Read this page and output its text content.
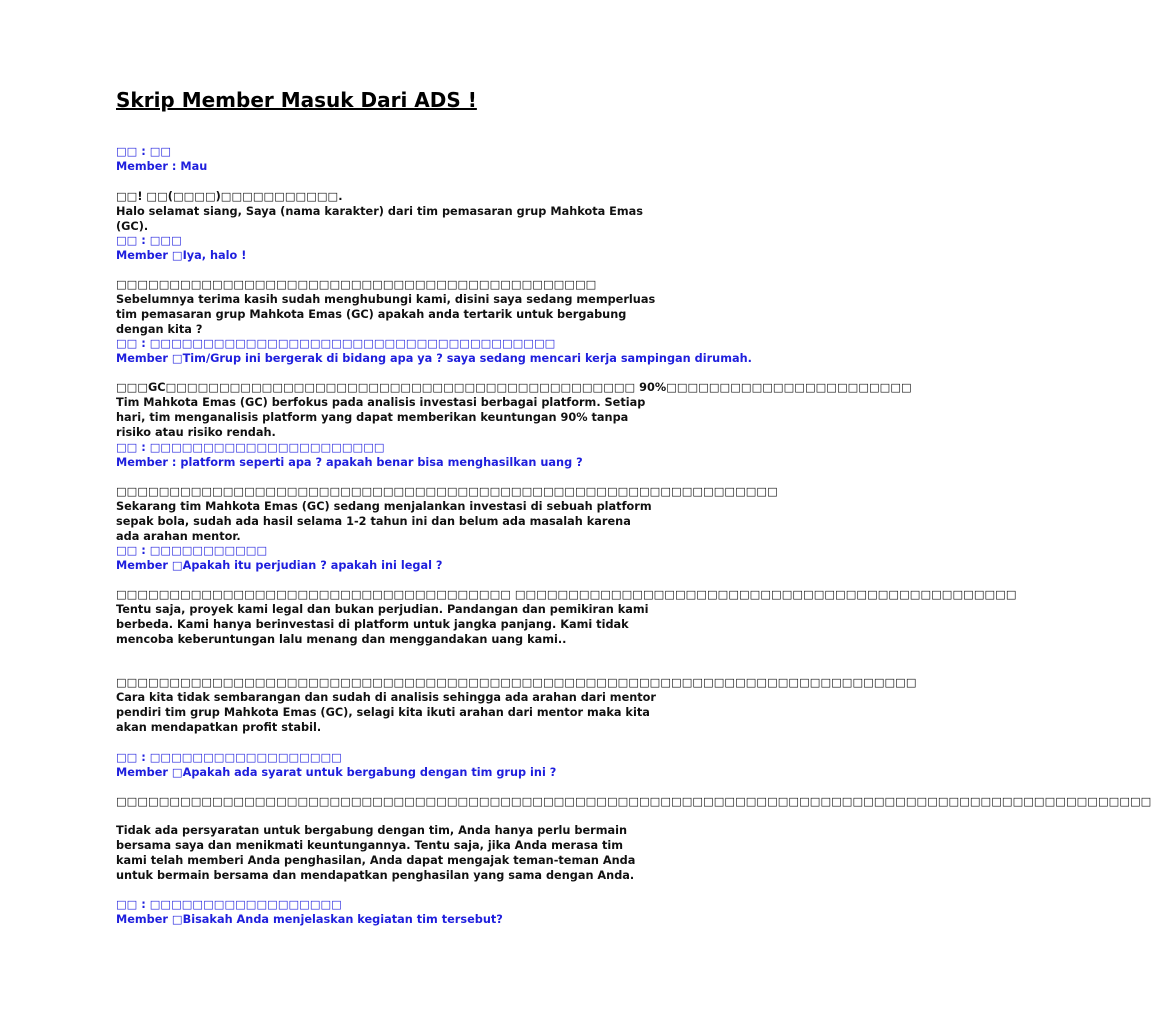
Skrip Member Masuk Dari ADS !

□□ : □□

Member : Mau

□□! □□(□□□□)□□□□□□□□□□□.

Halo selamat siang, Saya (nama karakter) dari tim pemasaran grup Mahkota Emas (GC).

□□ : □□□

Member □Iya, halo !

□□□□□□□□□□□□□□□□□□□□□□□□□□□□□□□□□□□□□□□□□□□□□

Sebelumnya terima kasih sudah menghubungi kami, disini saya sedang memperluas tim pemasaran grup Mahkota Emas (GC) apakah anda tertarik untuk bergabung dengan kita ?

□□ : □□□□□□□□□□□□□□□□□□□□□□□□□□□□□□□□□□□□□□

Member □Tim/Grup ini bergerak di bidang apa ya ? saya sedang mencari kerja sampingan dirumah.

□□□GC□□□□□□□□□□□□□□□□□□□□□□□□□□□□□□□□□□□□□□□□□□□□ 90%□□□□□□□□□□□□□□□□□□□□□□□

Tim Mahkota Emas (GC) berfokus pada analisis investasi berbagai platform. Setiap hari, tim menganalisis platform yang dapat memberikan keuntungan 90% tanpa risiko atau risiko rendah.

□□ : □□□□□□□□□□□□□□□□□□□□□□

Member : platform seperti apa ? apakah benar bisa menghasilkan uang ?

□□□□□□□□□□□□□□□□□□□□□□□□□□□□□□□□□□□□□□□□□□□□□□□□□□□□□□□□□□□□□□

Sekarang tim Mahkota Emas (GC) sedang menjalankan investasi di sebuah platform sepak bola, sudah ada hasil selama 1-2 tahun ini dan belum ada masalah karena ada arahan mentor.

□□ : □□□□□□□□□□□

Member □Apakah itu perjudian ? apakah ini legal ?

□□□□□□□□□□□□□□□□□□□□□□□□□□□□□□□□□□□□□ □□□□□□□□□□□□□□□□□□□□□□□□□□□□□□□□□□□□□□□□□□□□□□□

Tentu saja, proyek kami legal dan bukan perjudian. Pandangan dan pemikiran kami berbeda. Kami hanya berinvestasi di platform untuk jangka panjang. Kami tidak mencoba keberuntungan lalu menang dan menggandakan uang kami..

□□□□□□□□□□□□□□□□□□□□□□□□□□□□□□□□□□□□□□□□□□□□□□□□□□□□□□□□□□□□□□□□□□□□□□□□□□□

Cara kita tidak sembarangan dan sudah di analisis sehingga ada arahan dari mentor pendiri tim grup Mahkota Emas (GC), selagi kita ikuti arahan dari mentor maka kita akan mendapatkan profit stabil.

□□ : □□□□□□□□□□□□□□□□□□

Member □Apakah ada syarat untuk bergabung dengan tim grup ini ?

□□□□□□□□□□□□□□□□□□□□□□□□□□□□□□□□□□□□□□□□□□□□□□□□□□□□□□□□□□□□□□□□□□□□□□□□□□□□□□□□□□□□□□□□□□□□□□□□□

Tidak ada persyaratan untuk bergabung dengan tim, Anda hanya perlu bermain bersama saya dan menikmati keuntungannya. Tentu saja, jika Anda merasa tim kami telah memberi Anda penghasilan, Anda dapat mengajak teman-teman Anda untuk bermain bersama dan mendapatkan penghasilan yang sama dengan Anda.

□□ : □□□□□□□□□□□□□□□□□□

Member □Bisakah Anda menjelaskan kegiatan tim tersebut?
